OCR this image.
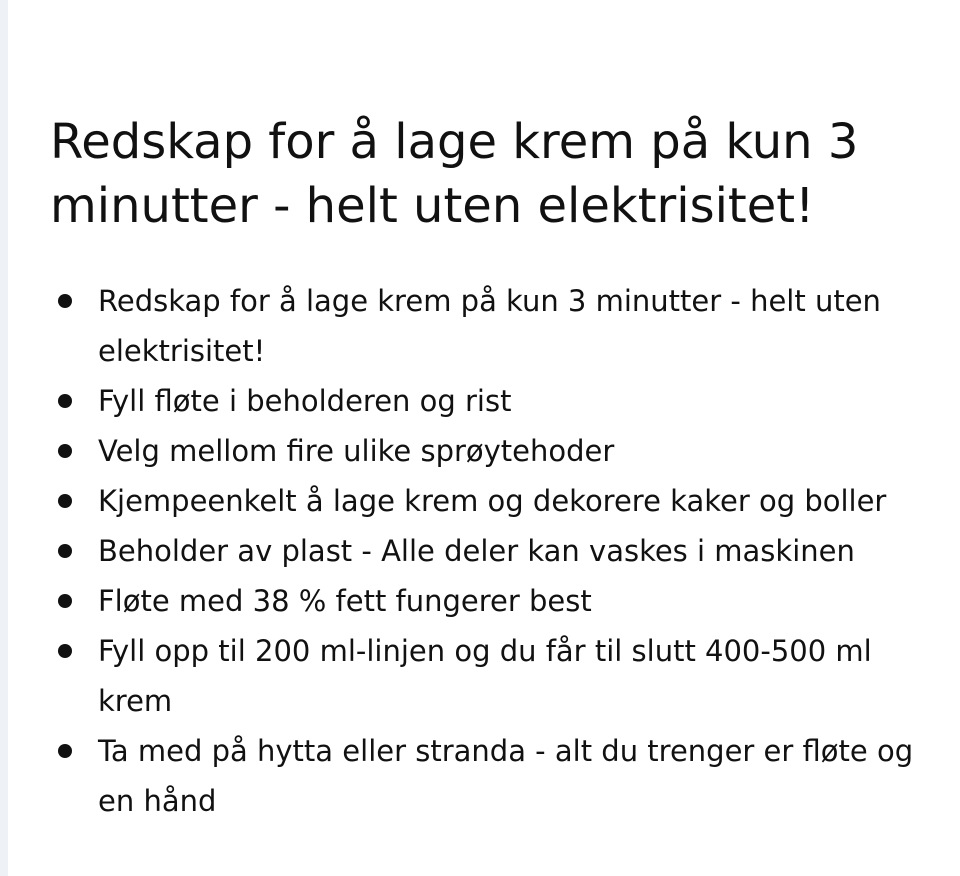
Redskap for å lage krem på kun 3 minutter - helt uten elektrisitet!
Redskap for å lage krem på kun 3 minutter - helt uten elektrisitet!
Fyll fløte i beholderen og rist
Velg mellom fire ulike sprøytehoder
Kjempeenkelt å lage krem og dekorere kaker og boller
Beholder av plast - Alle deler kan vaskes i maskinen
Fløte med 38 % fett fungerer best
Fyll opp til 200 ml-linjen og du får til slutt 400-500 ml krem
Ta med på hytta eller stranda - alt du trenger er fløte og en hånd
